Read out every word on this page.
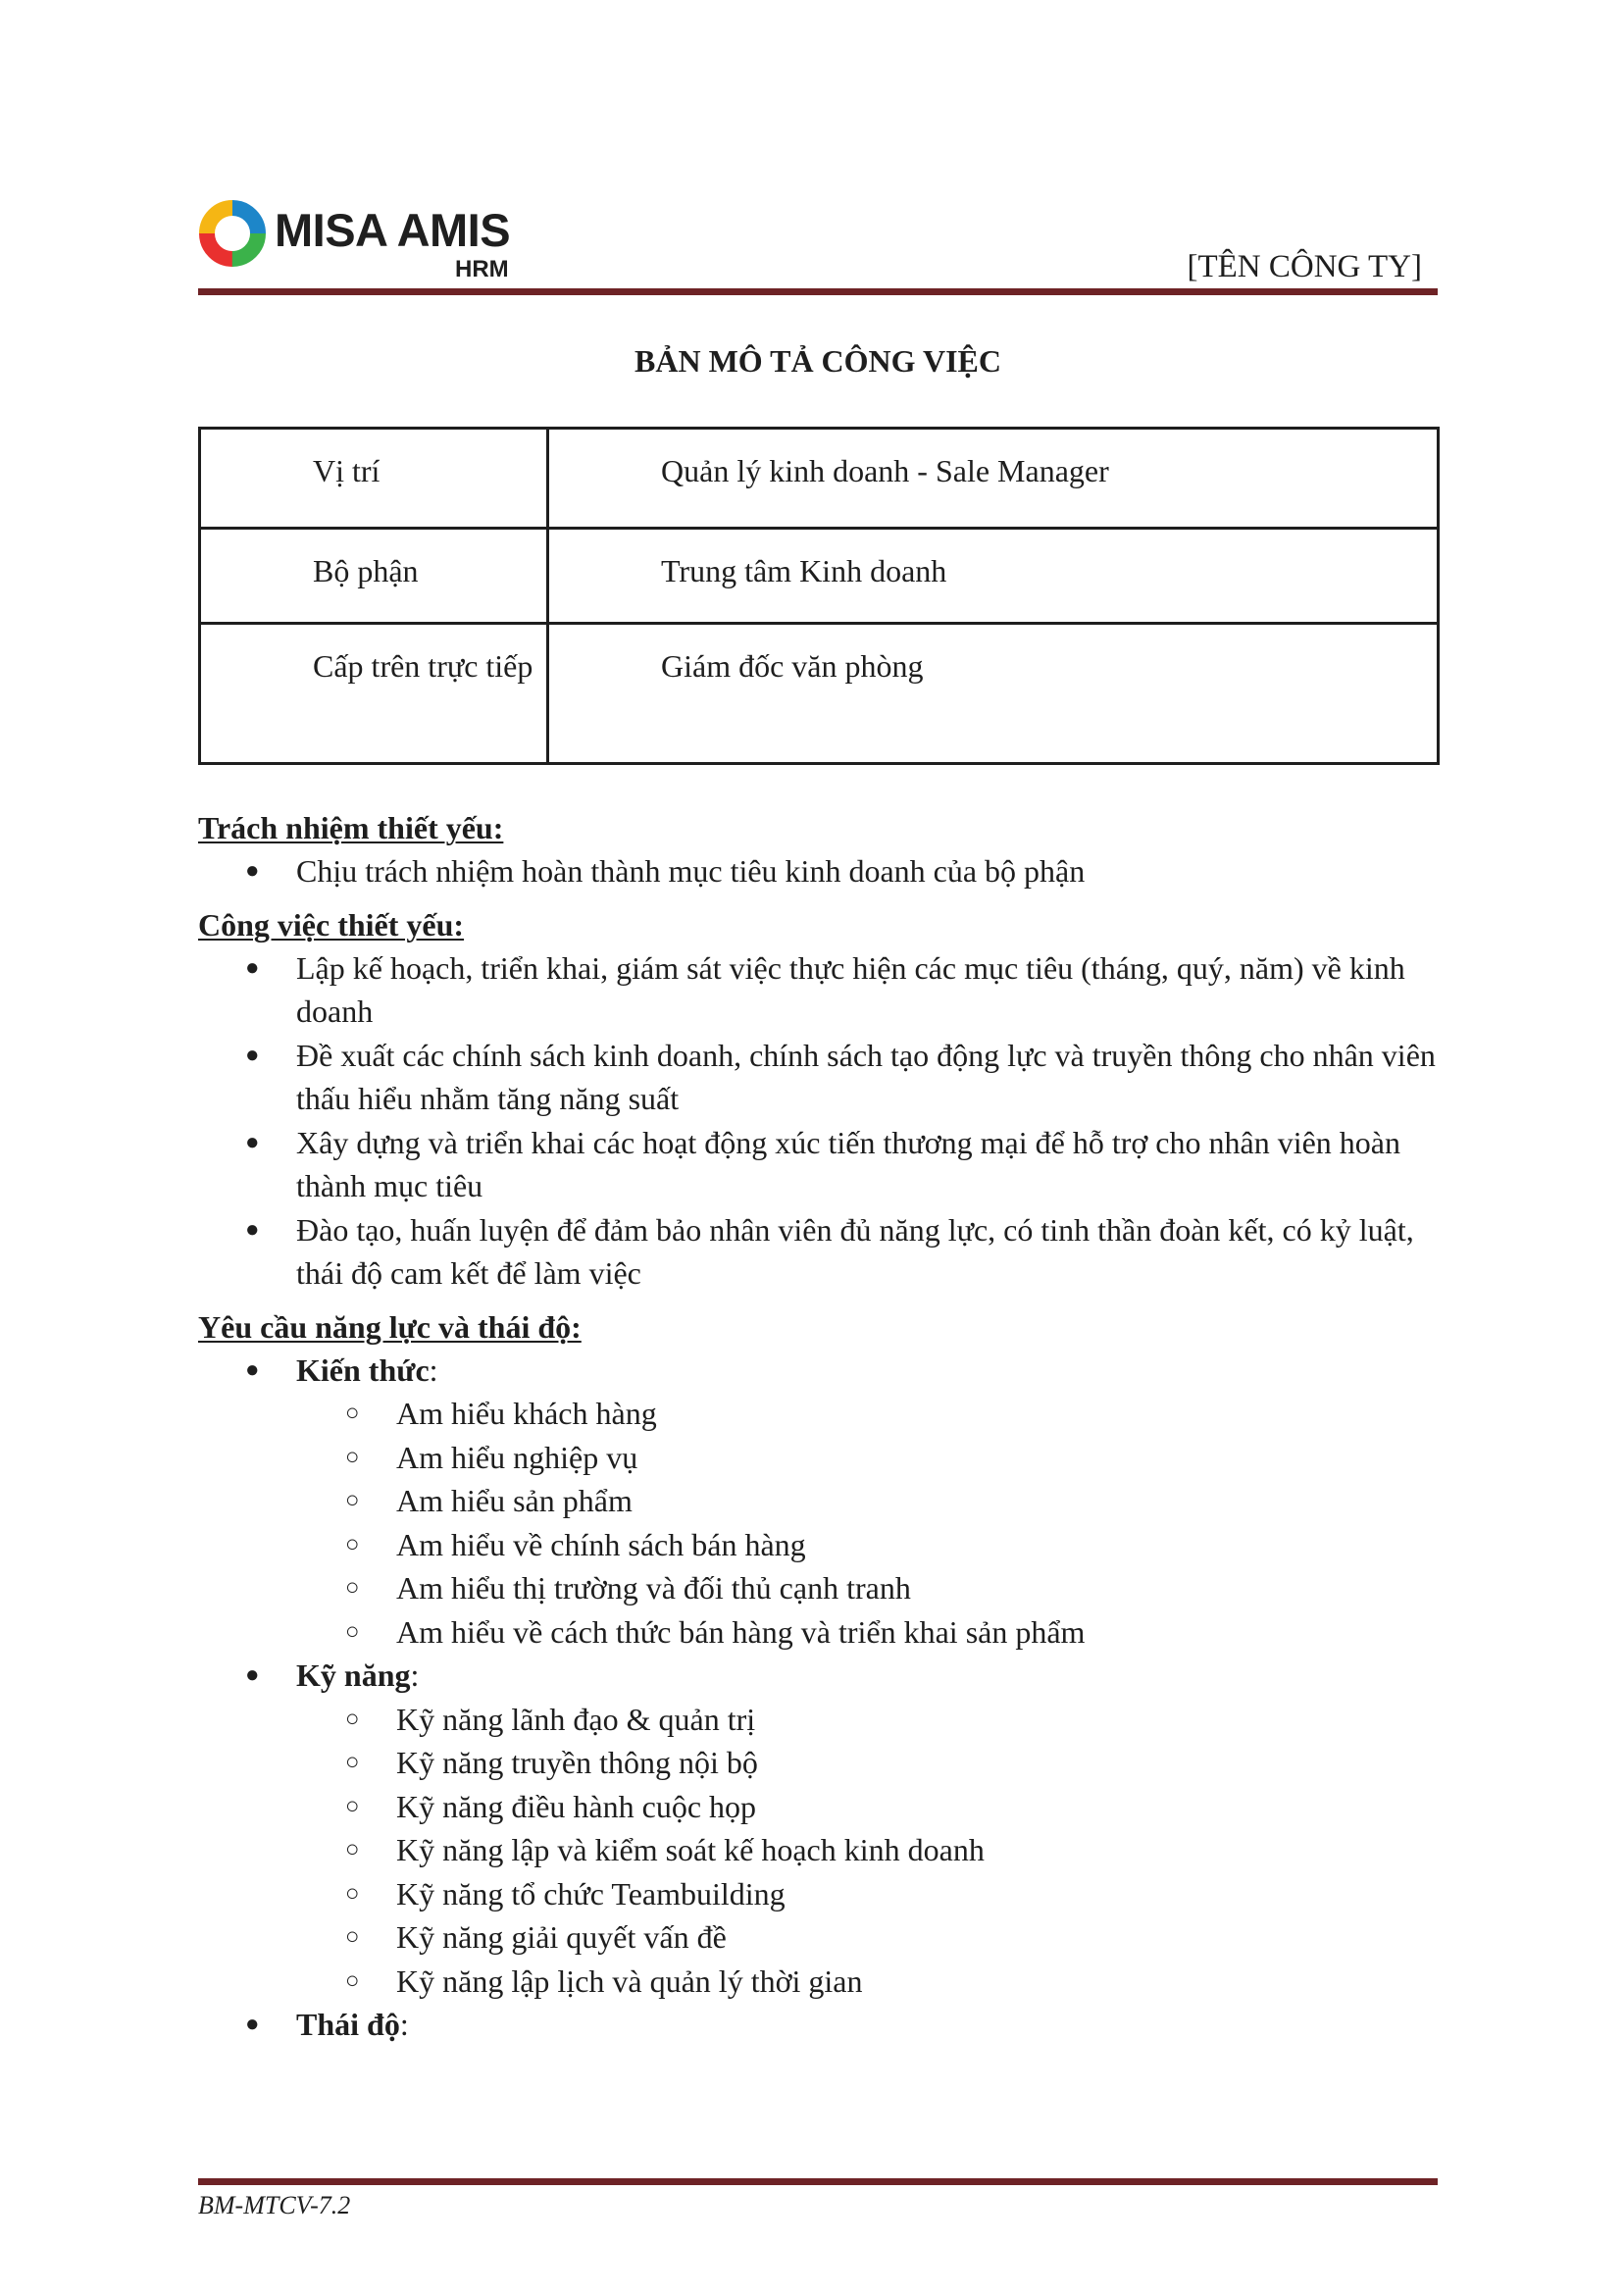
MISA AMIS
HRM	[TÊN CÔNG TY]
BẢN MÔ TẢ CÔNG VIỆC
Vị trí	Quản lý kinh doanh - Sale Manager
Bộ phận	Trung tâm Kinh doanh
Cấp trên trực tiếp	Giám đốc văn phòng
Trách nhiệm thiết yếu:
● Chịu trách nhiệm hoàn thành mục tiêu kinh doanh của bộ phận
Công việc thiết yếu:
● Lập kế hoạch, triển khai, giám sát việc thực hiện các mục tiêu (tháng, quý, năm) về kinh doanh
● Đề xuất các chính sách kinh doanh, chính sách tạo động lực và truyền thông cho nhân viên thấu hiểu nhằm tăng năng suất
● Xây dựng và triển khai các hoạt động xúc tiến thương mại để hỗ trợ cho nhân viên hoàn thành mục tiêu
● Đào tạo, huấn luyện để đảm bảo nhân viên đủ năng lực, có tinh thần đoàn kết, có kỷ luật, thái độ cam kết để làm việc
Yêu cầu năng lực và thái độ:
● Kiến thức:
○ Am hiểu khách hàng
○ Am hiểu nghiệp vụ
○ Am hiểu sản phẩm
○ Am hiểu về chính sách bán hàng
○ Am hiểu thị trường và đối thủ cạnh tranh
○ Am hiểu về cách thức bán hàng và triển khai sản phẩm
● Kỹ năng:
○ Kỹ năng lãnh đạo & quản trị
○ Kỹ năng truyền thông nội bộ
○ Kỹ năng điều hành cuộc họp
○ Kỹ năng lập và kiểm soát kế hoạch kinh doanh
○ Kỹ năng tổ chức Teambuilding
○ Kỹ năng giải quyết vấn đề
○ Kỹ năng lập lịch và quản lý thời gian
● Thái độ:
BM-MTCV-7.2
